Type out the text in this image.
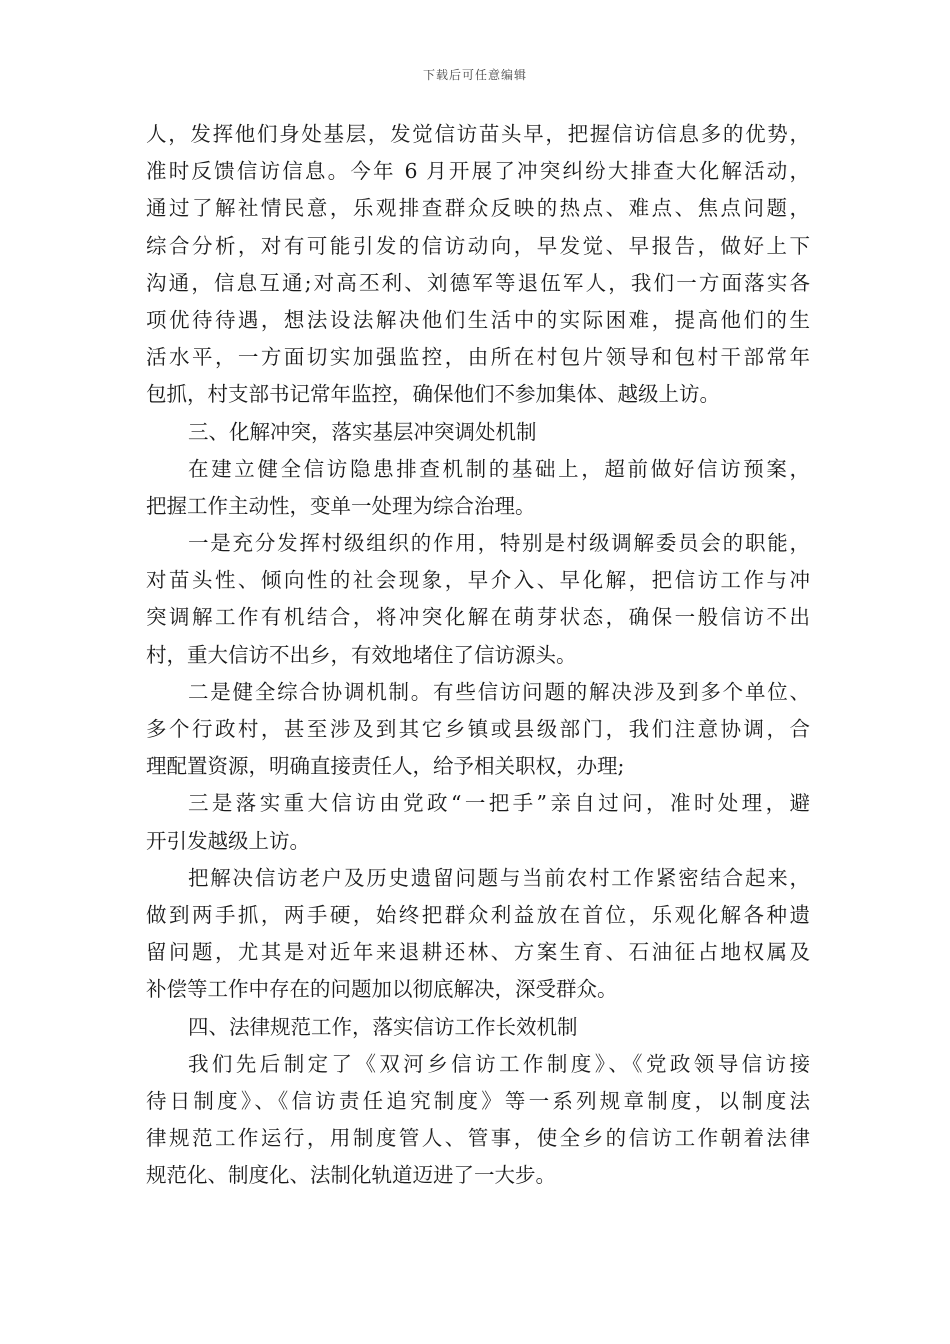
下载后可任意编辑
人，发挥他们身处基层，发觉信访苗头早，把握信访信息多的优势，
准时反馈信访信息。今年 6 月开展了冲突纠纷大排查大化解活动，
通过了解社情民意，乐观排查群众反映的热点、难点、焦点问题，
综合分析，对有可能引发的信访动向，早发觉、早报告，做好上下
沟通，信息互通;对高丕利、刘德军等退伍军人，我们一方面落实各
项优待待遇，想法设法解决他们生活中的实际困难，提高他们的生
活水平，一方面切实加强监控，由所在村包片领导和包村干部常年
包抓，村支部书记常年监控，确保他们不参加集体、越级上访。
三、化解冲突，落实基层冲突调处机制
在建立健全信访隐患排查机制的基础上，超前做好信访预案，
把握工作主动性，变单一处理为综合治理。
一是充分发挥村级组织的作用，特别是村级调解委员会的职能，
对苗头性、倾向性的社会现象，早介入、早化解，把信访工作与冲
突调解工作有机结合，将冲突化解在萌芽状态，确保一般信访不出
村，重大信访不出乡，有效地堵住了信访源头。
二是健全综合协调机制。有些信访问题的解决涉及到多个单位、
多个行政村，甚至涉及到其它乡镇或县级部门，我们注意协调，合
理配置资源，明确直接责任人，给予相关职权，办理;
三是落实重大信访由党政“一把手”亲自过问，准时处理，避
开引发越级上访。
把解决信访老户及历史遗留问题与当前农村工作紧密结合起来，
做到两手抓，两手硬，始终把群众利益放在首位，乐观化解各种遗
留问题，尤其是对近年来退耕还林、方案生育、石油征占地权属及
补偿等工作中存在的问题加以彻底解决，深受群众。
四、法律规范工作，落实信访工作长效机制
我们先后制定了《双河乡信访工作制度》、《党政领导信访接
待日制度》、《信访责任追究制度》等一系列规章制度，以制度法
律规范工作运行，用制度管人、管事，使全乡的信访工作朝着法律
规范化、制度化、法制化轨道迈进了一大步。
